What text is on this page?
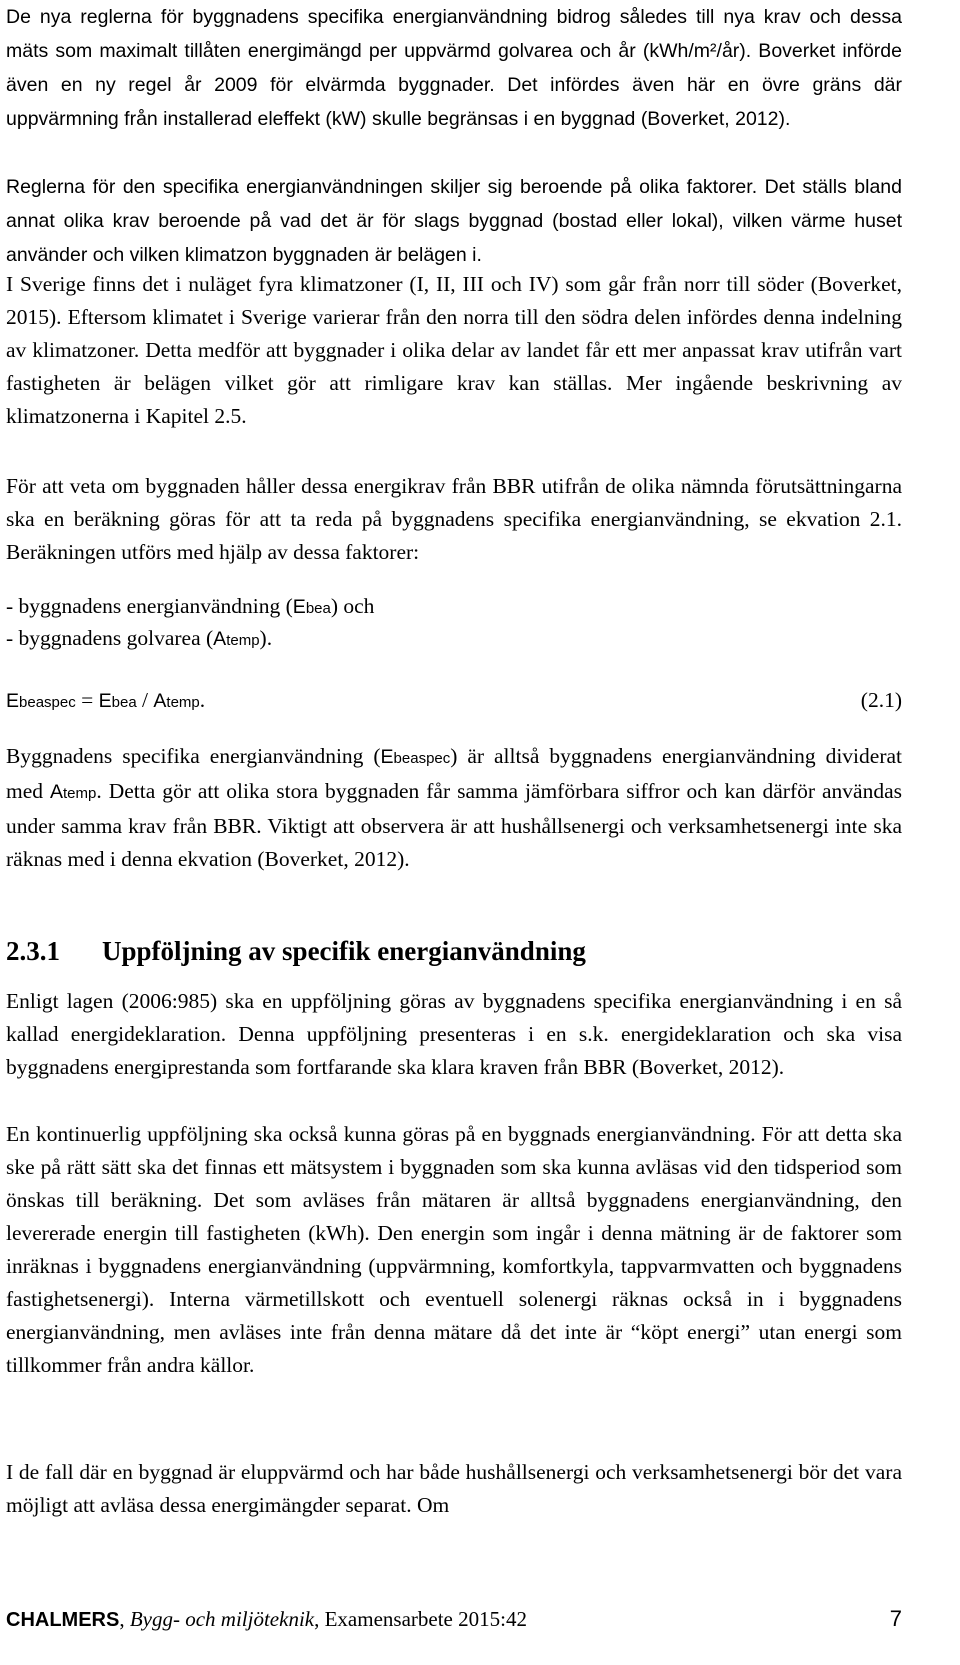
De nya reglerna för byggnadens specifika energianvändning bidrog således till nya krav och dessa mäts som maximalt tillåten energimängd per uppvärmd golvarea och år (kWh/m²/år). Boverket införde även en ny regel år 2009 för elvärmda byggnader. Det infördes även här en övre gräns där uppvärmning från installerad eleffekt (kW) skulle begränsas i en byggnad (Boverket, 2012).

Reglerna för den specifika energianvändningen skiljer sig beroende på olika faktorer. Det ställs bland annat olika krav beroende på vad det är för slags byggnad (bostad eller lokal), vilken värme huset använder och vilken klimatzon byggnaden är belägen i.

I Sverige finns det i nuläget fyra klimatzoner (I, II, III och IV) som går från norr till söder (Boverket, 2015). Eftersom klimatet i Sverige varierar från den norra till den södra delen infördes denna indelning av klimatzoner. Detta medför att byggnader i olika delar av landet får ett mer anpassat krav utifrån vart fastigheten är belägen vilket gör att rimligare krav kan ställas. Mer ingående beskrivning av klimatzonerna i Kapitel 2.5.

För att veta om byggnaden håller dessa energikrav från BBR utifrån de olika nämnda förutsättningarna ska en beräkning göras för att ta reda på byggnadens specifika energianvändning, se ekvation 2.1. Beräkningen utförs med hjälp av dessa faktorer:

- byggnadens energianvändning (Ebea) och
- byggnadens golvarea (Atemp).
Ebeaspec = Ebea / Atemp.	(2.1)

Byggnadens specifika energianvändning (Ebeaspec) är alltså byggnadens energianvändning dividerat med Atemp. Detta gör att olika stora byggnaden får samma jämförbara siffror och kan därför användas under samma krav från BBR. Viktigt att observera är att hushållsenergi och verksamhetsenergi inte ska räknas med i denna ekvation (Boverket, 2012).

2.3.1 Uppföljning av specifik energianvändning

Enligt lagen (2006:985) ska en uppföljning göras av byggnadens specifika energianvändning i en så kallad energideklaration. Denna uppföljning presenteras i en s.k. energideklaration och ska visa byggnadens energiprestanda som fortfarande ska klara kraven från BBR (Boverket, 2012).

En kontinuerlig uppföljning ska också kunna göras på en byggnads energianvändning. För att detta ska ske på rätt sätt ska det finnas ett mätsystem i byggnaden som ska kunna avläsas vid den tidsperiod som önskas till beräkning. Det som avläses från mätaren är alltså byggnadens energianvändning, den levererade energin till fastigheten (kWh). Den energin som ingår i denna mätning är de faktorer som inräknas i byggnadens energianvändning (uppvärmning, komfortkyla, tappvarmvatten och byggnadens fastighetsenergi). Interna värmetillskott och eventuell solenergi räknas också in i byggnadens energianvändning, men avläses inte från denna mätare då det inte är “köpt energi” utan energi som tillkommer från andra källor.

I de fall där en byggnad är eluppvärmd och har både hushållsenergi och verksamhetsenergi bör det vara möjligt att avläsa dessa energimängder separat. Om

CHALMERS, Bygg- och miljöteknik, Examensarbete 2015:42	7
